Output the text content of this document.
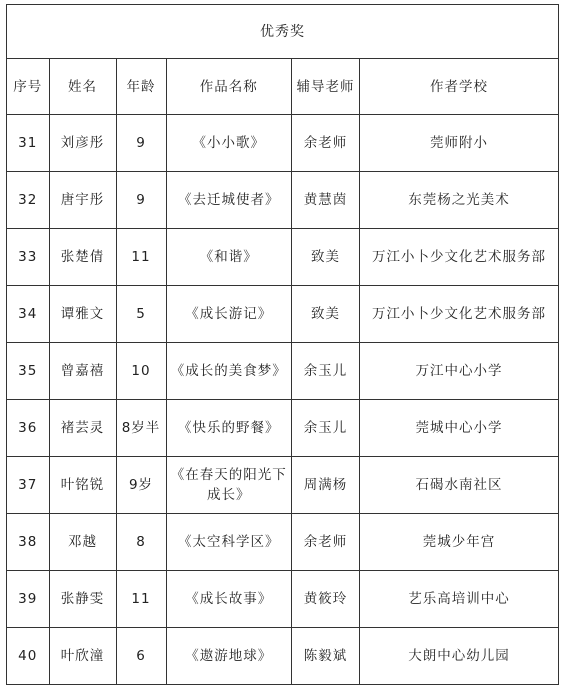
优秀奖					
序号	姓名	年龄	作品名称	辅导老师	作者学校
31	刘彦彤	9	《小小歌》	余老师	莞师附小
32	唐宇彤	9	《去迁城使者》	黄慧茵	东莞杨之光美术
33	张楚倩	11	《和谐》	致美	万江小卜少文化艺术服务部
34	谭雅文	5	《成长游记》	致美	万江小卜少文化艺术服务部
35	曾嘉禧	10	《成长的美食梦》	余玉儿	万江中心小学
36	褚芸灵	8岁半	《快乐的野餐》	余玉儿	莞城中心小学
37	叶铭锐	9岁	《在春天的阳光下成长》	周满杨	石碣水南社区
38	邓越	8	《太空科学区》	余老师	莞城少年宫
39	张静雯	11	《成长故事》	黄筱玲	艺乐高培训中心
40	叶欣潼	6	《遨游地球》	陈毅斌	大朗中心幼儿园
